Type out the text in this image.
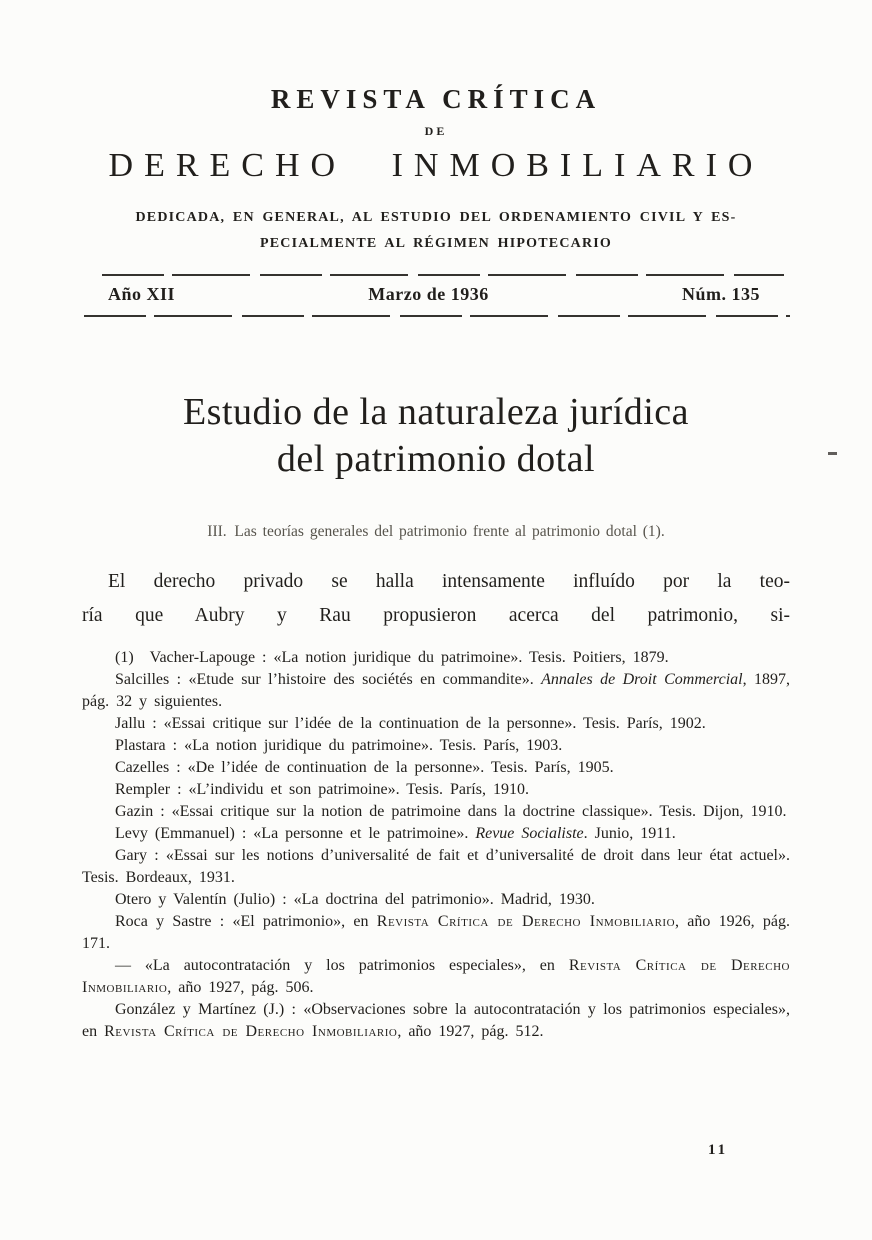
REVISTA CRÍTICA
DE
DERECHO INMOBILIARIO
DEDICADA, EN GENERAL, AL ESTUDIO DEL ORDENAMIENTO CIVIL Y ES-
PECIALMENTE AL RÉGIMEN HIPOTECARIO
Año XII	Marzo de 1936	Núm. 135
Estudio de la naturaleza jurídica
del patrimonio dotal
III. Las teorías generales del patrimonio frente al patrimonio dotal (1).

El derecho privado se halla intensamente influído por la teo-
ría que Aubry y Rau propusieron acerca del patrimonio, si-

(1)  Vacher-Lapouge : «La notion juridique du patrimoine». Tesis. Poitiers, 1879.

Salcilles : «Etude sur l’histoire des sociétés en commandite». Annales de Droit Commercial, 1897, pág. 32 y siguientes.

Jallu : «Essai critique sur l’idée de la continuation de la personne». Tesis. París, 1902.

Plastara : «La notion juridique du patrimoine». Tesis. París, 1903.

Cazelles : «De l’idée de continuation de la personne». Tesis. París, 1905.

Rempler : «L’individu et son patrimoine». Tesis. París, 1910.

Gazin : «Essai critique sur la notion de patrimoine dans la doctrine classique». Tesis. Dijon, 1910.

Levy (Emmanuel) : «La personne et le patrimoine». Revue Socialiste. Junio, 1911.

Gary : «Essai sur les notions d’universalité de fait et d’universalité de droit dans leur état actuel». Tesis. Bordeaux, 1931.

Otero y Valentín (Julio) : «La doctrina del patrimonio». Madrid, 1930.

Roca y Sastre : «El patrimonio», en Revista Crítica de Derecho Inmobiliario, año 1926, pág. 171.

— «La autocontratación y los patrimonios especiales», en Revista Crítica de Derecho Inmobiliario, año 1927, pág. 506.

González y Martínez (J.) : «Observaciones sobre la autocontratación y los patrimonios especiales», en Revista Crítica de Derecho Inmobiliario, año 1927, pág. 512.

11
